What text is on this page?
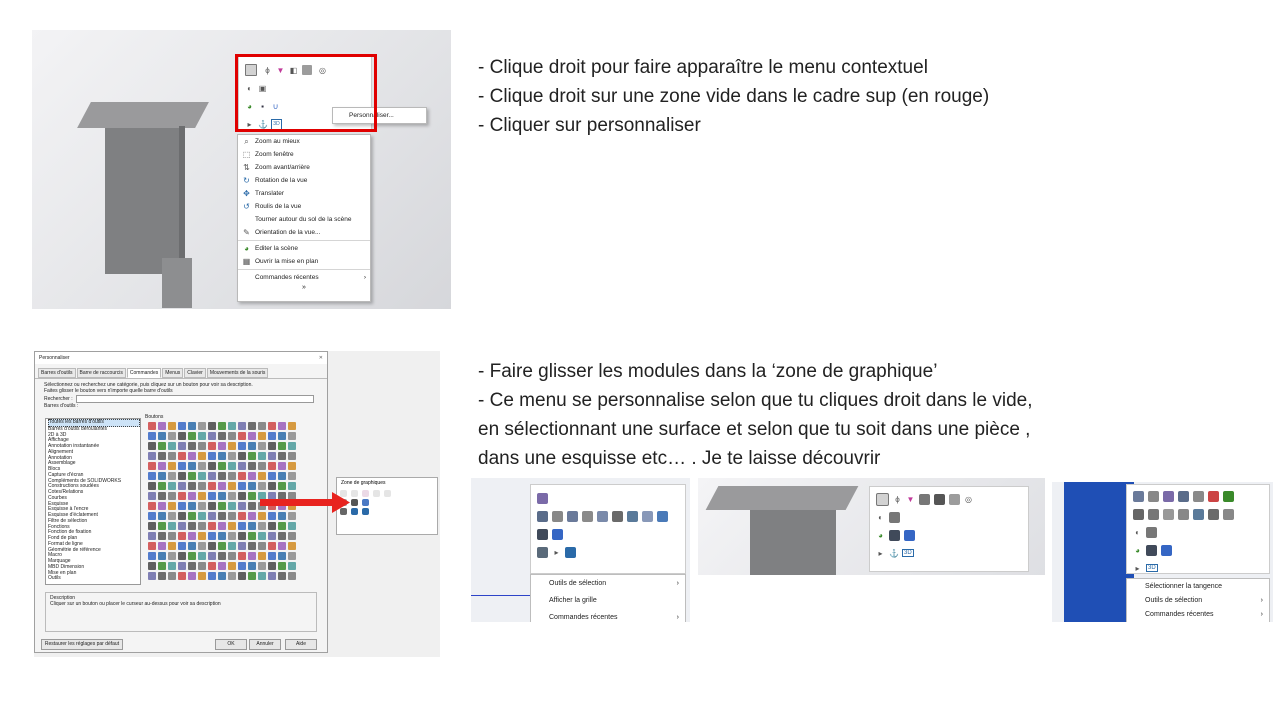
ϕ ▼ ◧	◎
◐ ▣
◕	▪	∪
▸ ⚓	3D
Personnaliser...
⌕ Zoom au mieux
⬚ Zoom fenêtre
⇅ Zoom avant/arrière
↻ Rotation de la vue
✥ Translater
↺ Roulis de la vue
Tourner autour du sol de la scène
✎ Orientation de la vue...
◕ Editer la scène
▦ Ouvrir la mise en plan
Commandes récentes	›
»
- Clique droit pour faire apparaître le menu contextuel
- Clique droit sur une zone vide dans le cadre sup (en rouge)
- Cliquer sur personnaliser
Personnaliser	✕
Barres d'outils Barre de raccourcis Commandes Menus Clavier Mouvements de la souris
Sélectionnez ou recherchez une catégorie, puis cliquez sur un bouton pour voir sa description.
Faites glisser le bouton vers n'importe quelle barre d'outils
Rechercher :
Barres d'outils :
Toutes les barres d'outils
Barres d'outils déroulantes
2D à 3D
Affichage
Annotation instantanée
Alignement
Annotation
Assemblage
Blocs
Capture d'écran
Compléments de SOLIDWORKS
Constructions soudées
Cotes/Relations
Courbes
Esquisse
Esquisse à l'encre
Esquisse d'éclatement
Filtre de sélection
Fonctions
Fonction de fixation
Fond de plan
Format de ligne
Géométrie de référence
Macro
Marquage
MBD Dimension
Mise en plan
Outils
Boutons
Description
Cliquer sur un bouton ou placer le curseur au-dessus pour voir sa description
Restaurer les réglages par défaut	OK	Annuler	Aide
Zone de graphiques
- Faire glisser les modules dans la ‘zone de graphique’
- Ce menu se personnalise selon que tu cliques droit dans le vide,
en sélectionnant une surface et selon que tu soit dans une pièce ,
dans une esquisse etc… . Je te laisse découvrir
▸
Outils de sélection	›
Afficher la grille
Commandes récentes	›
ϕ ▼	◎
◐
◕
▸ ⚓ 3D
◐
◕
▸	3D
Sélectionner la tangence
Outils de sélection	›
Commandes récentes	›
